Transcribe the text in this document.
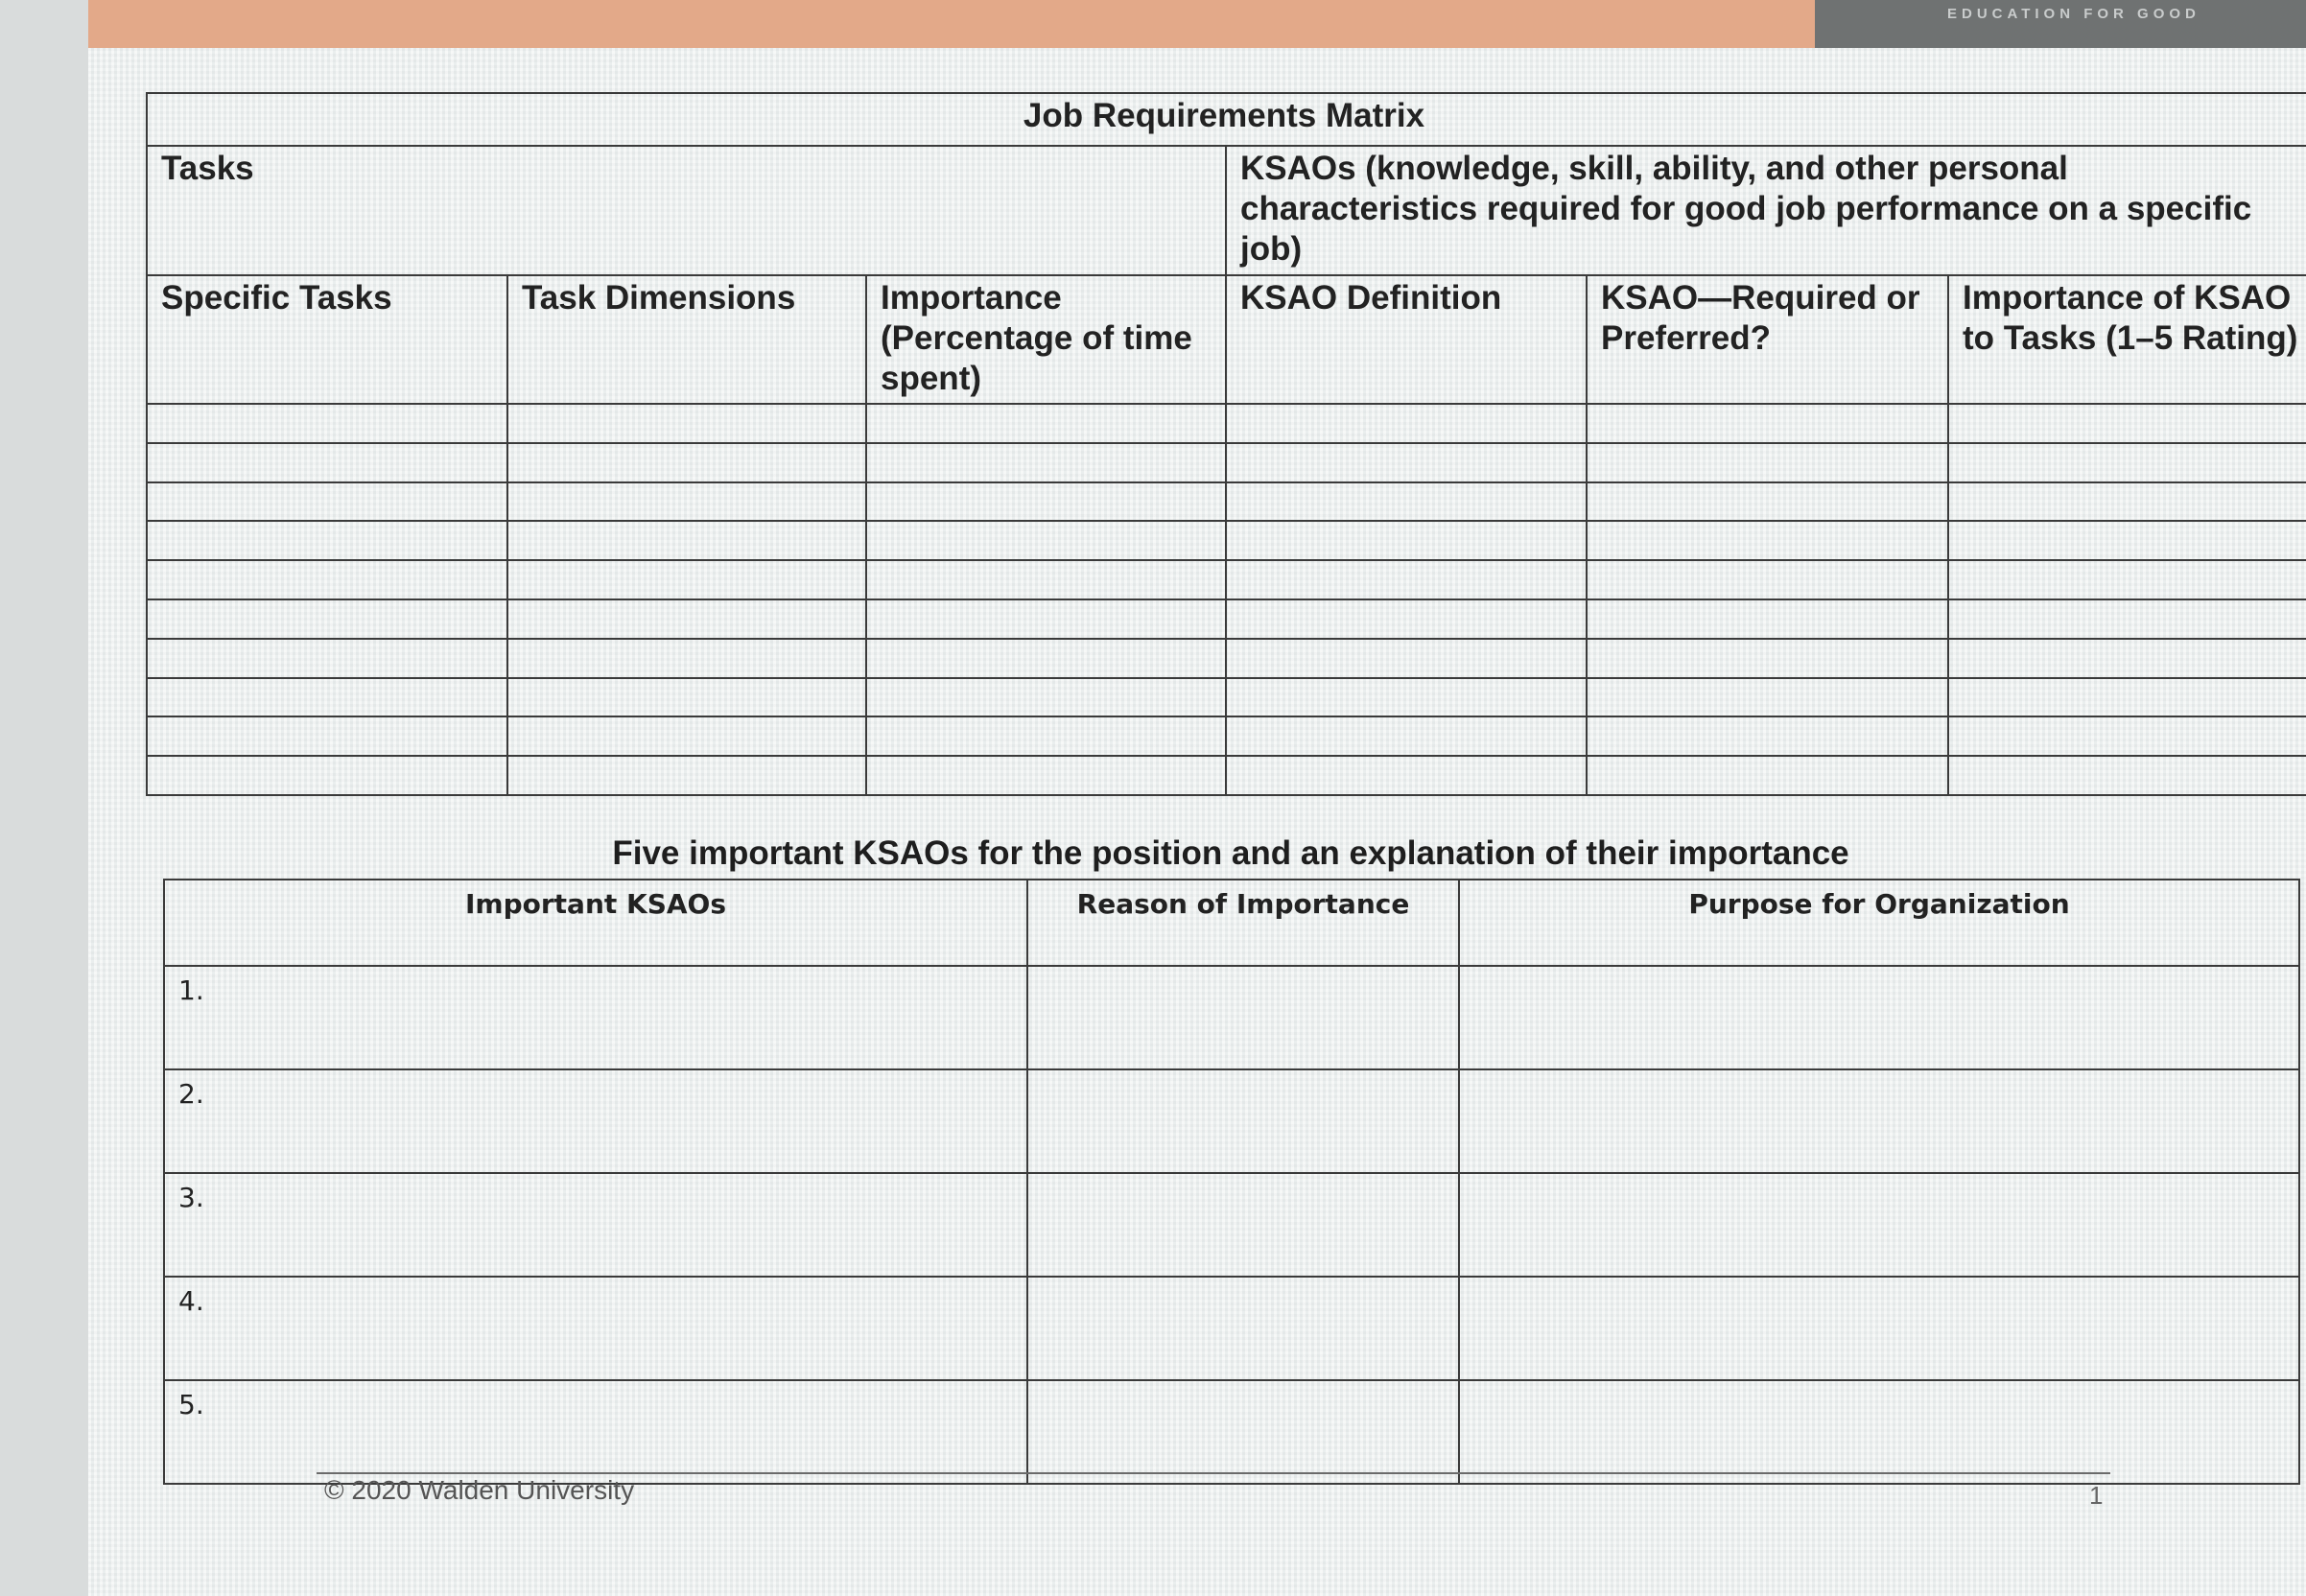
EDUCATION FOR GOOD
Job Requirements Matrix					
Tasks			KSAOs (knowledge, skill, ability, and other personal characteristics required for good job performance on a specific job)		
Specific Tasks	Task Dimensions	Importance (Percentage of time spent)	KSAO Definition	KSAO—Required or Preferred?	Importance of KSAO to Tasks (1–5 Rating)

Five important KSAOs for the position and an explanation of their importance
Important KSAOs	Reason of Importance	Purpose for Organization
1.		
2.		
3.		
4.		
5.		
© 2020 Walden University	1
